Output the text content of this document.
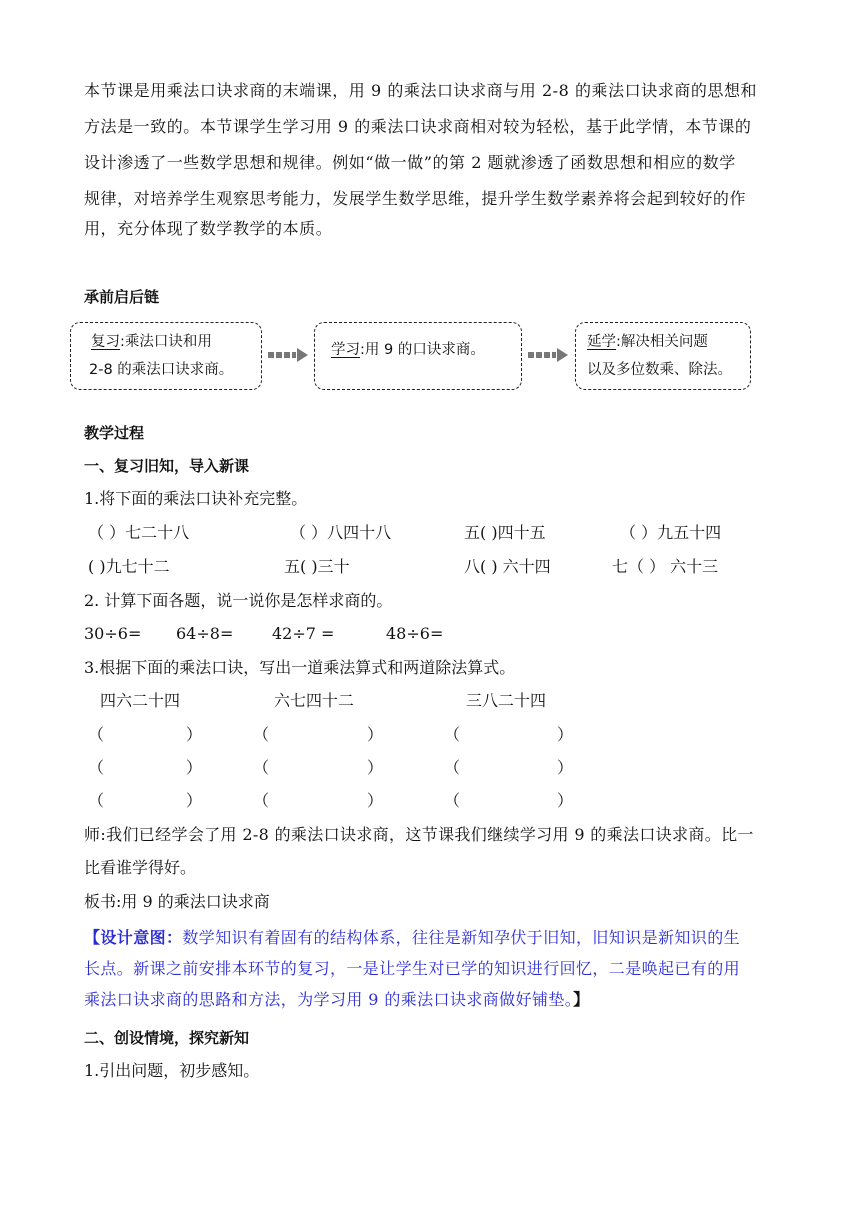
本节课是用乘法口诀求商的末端课，用 9 的乘法口诀求商与用 2-8 的乘法口诀求商的思想和
方法是一致的。本节课学生学习用 9 的乘法口诀求商相对较为轻松，基于此学情，本节课的
设计渗透了一些数学思想和规律。例如“做一做”的第 2 题就渗透了函数思想和相应的数学
规律，对培养学生观察思考能力，发展学生数学思维，提升学生数学素养将会起到较好的作
用，充分体现了数学教学的本质。
承前启后链
复习:乘法口诀和用
2-8 的乘法口诀求商。
学习:用 9 的口诀求商。	延学:解决相关问题
以及多位数乘、除法。
教学过程
一、复习旧知，导入新课
1.将下面的乘法口诀补充完整。
（ ）七二十八	（ ）八四十八	五( )四十五	（ ）九五十四
( )九七十二	五( )三十	八( ) 六十四	七（ ） 六十三
2. 计算下面各题，说一说你是怎样求商的。
30÷6= 64÷8= 42÷7 =	48÷6=
3.根据下面的乘法口诀，写出一道乘法算式和两道除法算式。
四六二十四	六七四十二	三八二十四
（	）	（	）	（	）
（	）	（	）	（	）
（	）	（	）	（	）
师:我们已经学会了用 2-8 的乘法口诀求商，这节课我们继续学习用 9 的乘法口诀求商。比一
比看谁学得好。
板书:用 9 的乘法口诀求商
【设计意图：数学知识有着固有的结构体系，往往是新知孕伏于旧知，旧知识是新知识的生
长点。新课之前安排本环节的复习，一是让学生对已学的知识进行回忆，二是唤起已有的用
乘法口诀求商的思路和方法，为学习用 9 的乘法口诀求商做好铺垫。】
二、创设情境，探究新知
1.引出问题，初步感知。
